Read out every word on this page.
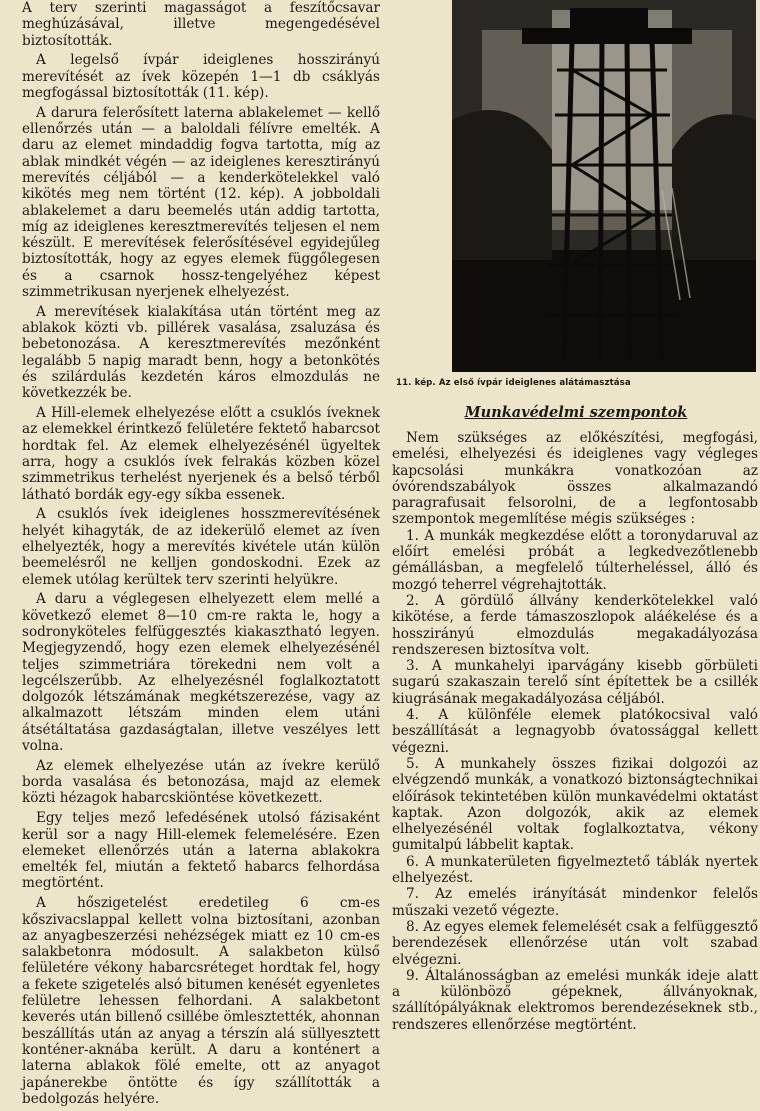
A terv szerinti magasságot a feszítőcsavar meghúzásával, illetve megengedésével biztosították.

A legelső ívpár ideiglenes hosszirányú merevítését az ívek közepén 1—1 db csáklyás megfogással biztosították (11. kép).

A darura felerősített laterna ablakelemet — kellő ellenőrzés után — a baloldali félívre emelték. A daru az elemet mindaddig fogva tartotta, míg az ablak mindkét végén — az ideiglenes keresztirányú merevítés céljából — a kenderkötelekkel való kikötés meg nem történt (12. kép). A jobboldali ablakelemet a daru beemelés után addig tartotta, míg az ideiglenes keresztmerevítés teljesen el nem készült. E merevítések felerősítésével egyidejűleg biztosították, hogy az egyes elemek függőlegesen és a csarnok hossz-tengelyéhez képest szimmetrikusan nyerjenek elhelyezést.

A merevítések kialakítása után történt meg az ablakok közti vb. pillérek vasalása, zsaluzása és bebetonozása. A keresztmerevítés mezőnként legalább 5 napig maradt benn, hogy a betonkötés és szilárdulás kezdetén káros elmozdulás ne következzék be.

A Hill-elemek elhelyezése előtt a csuklós íveknek az elemekkel érintkező felületére fektető habarcsot hordtak fel. Az elemek elhelyezésénél ügyeltek arra, hogy a csuklós ívek felrakás közben közel szimmetrikus terhelést nyerjenek és a belső térből látható bordák egy-egy síkba essenek.

A csuklós ívek ideiglenes hosszmerevítésének helyét kihagyták, de az idekerülő elemet az íven elhelyezték, hogy a merevítés kivétele után külön beemelésről ne kelljen gondoskodni. Ezek az elemek utólag kerültek terv szerinti helyükre.

A daru a véglegesen elhelyezett elem mellé a következő elemet 8—10 cm-re rakta le, hogy a sodronyköteles felfüggesztés kiakasztható legyen. Megjegyzendő, hogy ezen elemek elhelyezésénél teljes szimmetriára törekedni nem volt a legcélszerűbb. Az elhelyezésnél foglalkoztatott dolgozók létszámának megkétszerezése, vagy az alkalmazott létszám minden elem utáni átsétáltatása gazdaságtalan, illetve veszélyes lett volna.

Az elemek elhelyezése után az ívekre kerülő borda vasalása és betonozása, majd az elemek közti hézagok habarcskiöntése következett.

Egy teljes mező lefedésének utolsó fázisaként kerül sor a nagy Hill-elemek felemelésére. Ezen elemeket ellenőrzés után a laterna ablakokra emelték fel, miután a fektető habarcs felhordása megtörtént.

A hőszigetelést eredetileg 6 cm-es kőszivacslappal kellett volna biztosítani, azonban az anyagbeszerzési nehézségek miatt ez 10 cm-es salakbetonra módosult. A salakbeton külső felületére vékony habarcsréteget hordtak fel, hogy a fekete szigetelés alsó bitumen kenését egyenletes felületre lehessen felhordani. A salakbetont keverés után billenő csillébe ömlesztették, ahonnan beszállítás után az anyag a térszín alá süllyesztett konténer-aknába került. A daru a konténert a laterna ablakok fölé emelte, ott az anyagot japánerekbe öntötte és így szállították a bedolgozás helyére.

11. kép. Az első ívpár ideiglenes alátámasztása
Munkavédelmi szempontok

Nem szükséges az előkészítési, megfogási, emelési, elhelyezési és ideiglenes vagy végleges kapcsolási munkákra vonatkozóan az óvórendszabályok összes alkalmazandó paragrafusait felsorolni, de a legfontosabb szempontok megemlítése mégis szükséges :

1. A munkák megkezdése előtt a toronydaruval az előírt emelési próbát a legkedvezőtlenebb gémállásban, a megfelelő túlterheléssel, álló és mozgó teherrel végrehajtották.

2. A gördülő állvány kenderkötelekkel való kikötése, a ferde támaszoszlopok aláékelése és a hosszirányú elmozdulás megakadályozása rendszeresen biztosítva volt.

3. A munkahelyi iparvágány kisebb görbületi sugarú szakaszain terelő sínt építettek be a csillék kiugrásának megakadályozása céljából.

4. A különféle elemek platókocsival való beszállítását a legnagyobb óvatossággal kellett végezni.

5. A munkahely összes fizikai dolgozói az elvégzendő munkák, a vonatkozó biztonságtechnikai előírások tekintetében külön munkavédelmi oktatást kaptak. Azon dolgozók, akik az elemek elhelyezésénél voltak foglalkoztatva, vékony gumitalpú lábbelit kaptak.

6. A munkaterületen figyelmeztető táblák nyertek elhelyezést.

7. Az emelés irányítását mindenkor felelős műszaki vezető végezte.

8. Az egyes elemek felemelését csak a felfüggesztő berendezések ellenőrzése után volt szabad elvégezni.

9. Általánosságban az emelési munkák ideje alatt a különböző gépeknek, állványoknak, szállítópályáknak elektromos berendezéseknek stb., rendszeres ellenőrzése megtörtént.
